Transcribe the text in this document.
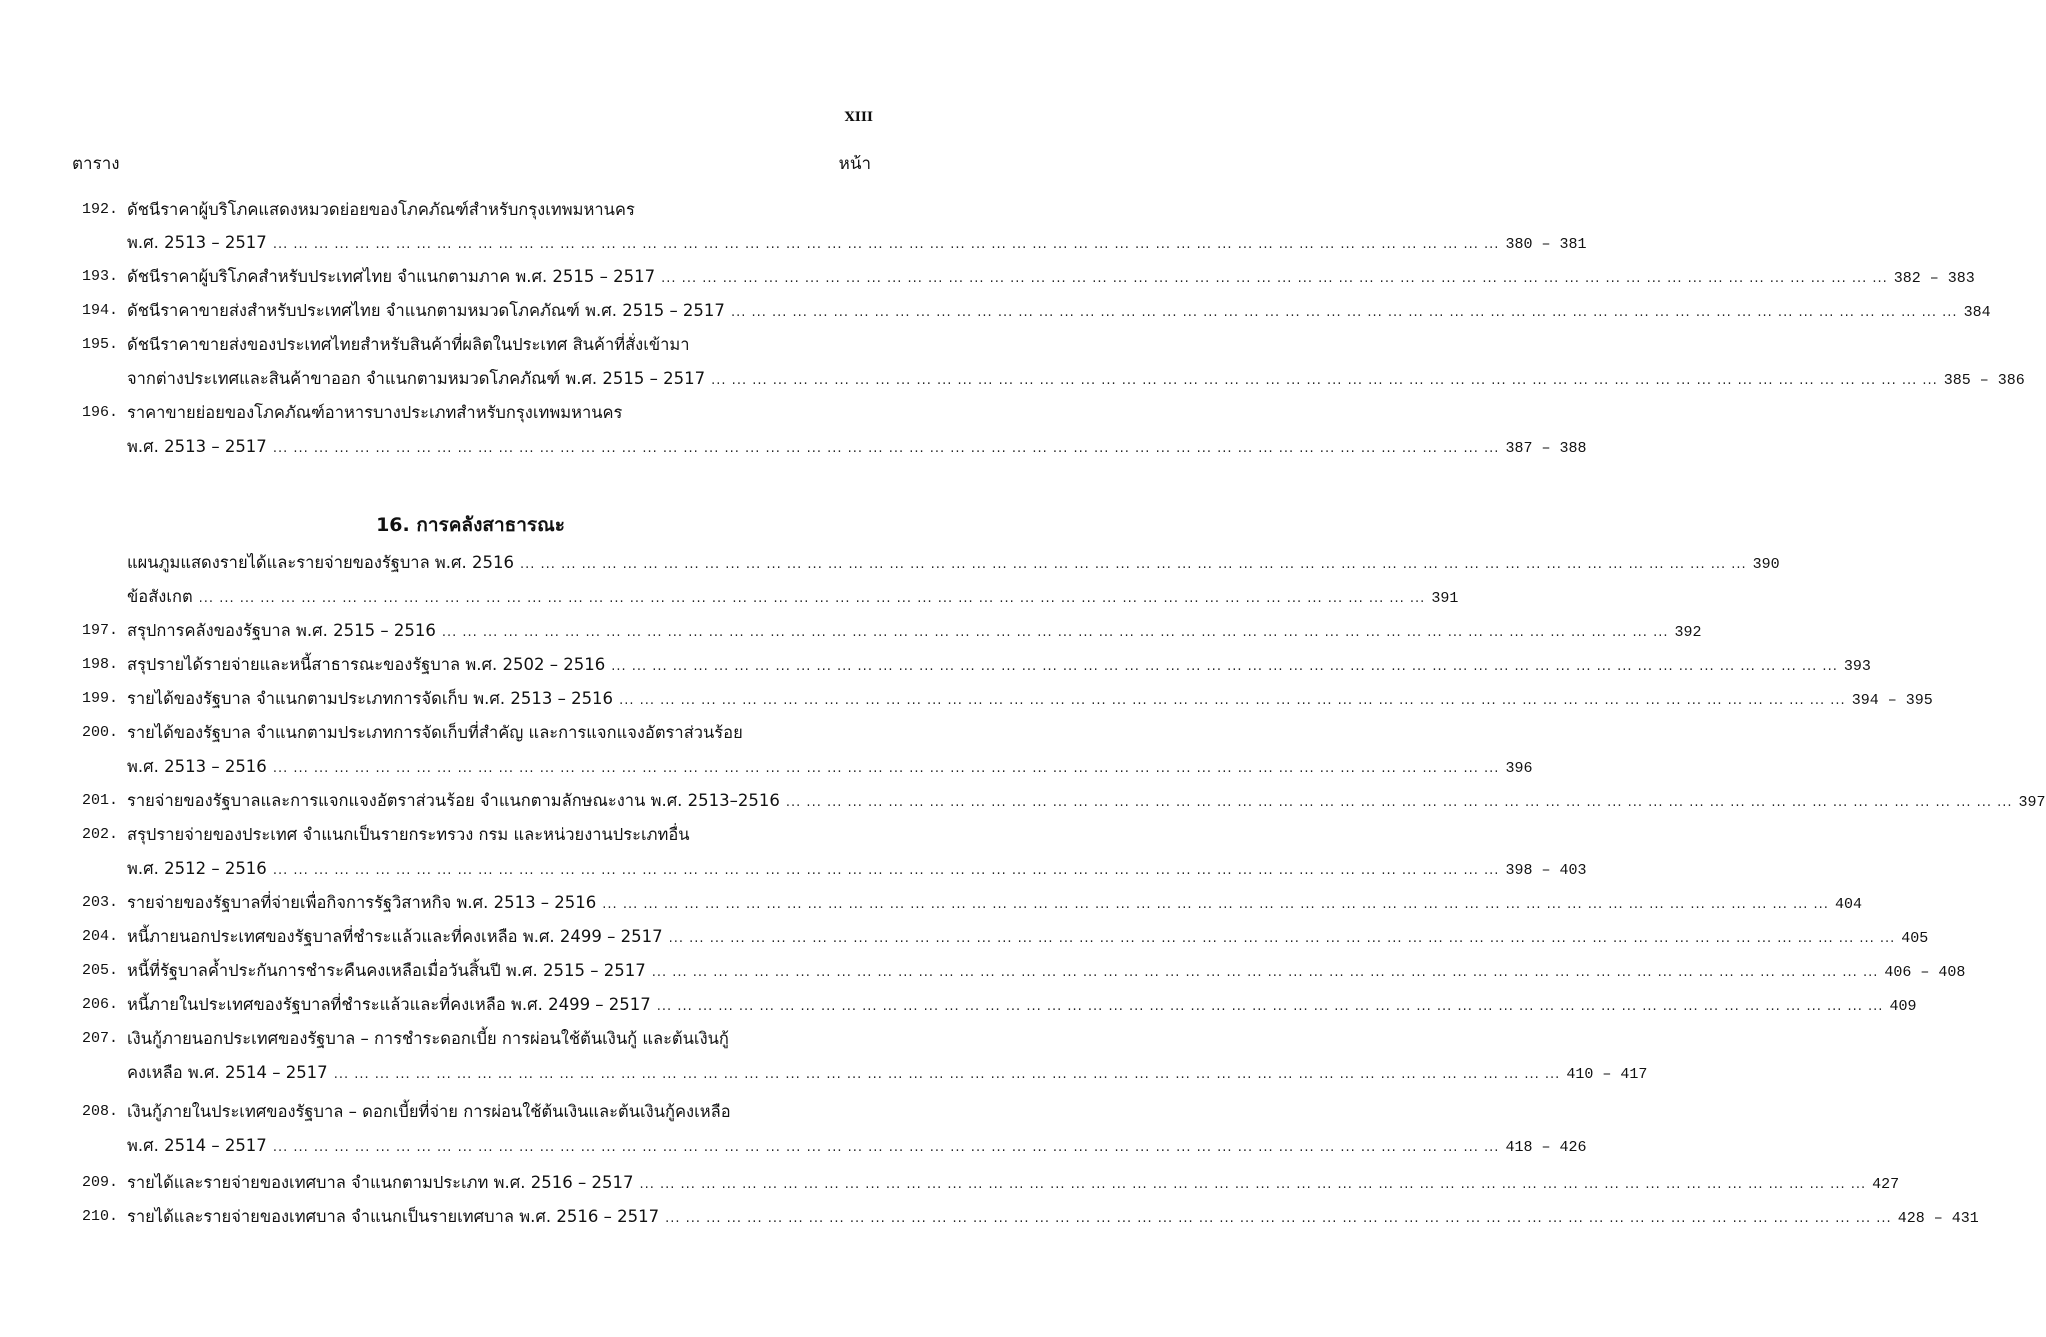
XIII
ตาราง	หน้า
16. การคลังสาธารณะ
192. ดัชนีราคาผู้บริโภคแสดงหมวดย่อยของโภคภัณฑ์สำหรับกรุงเทพมหานคร
พ.ศ. 2513 – 2517 ... ... ... ... ... ... ... ... ... ... ... ... ... ... ... ... ... ... ... ... ... ... ... ... ... ... ... ... ... ... ... ... ... ... ... ... ... ... ... ... ... ... ... ... ... ... ... ... ... ... ... ... ... ... ... ... ... ... ... ... 380 – 381
193. ดัชนีราคาผู้บริโภคสำหรับประเทศไทย จำแนกตามภาค พ.ศ. 2515 – 2517 ... ... ... ... ... ... ... ... ... ... ... ... ... ... ... ... ... ... ... ... ... ... ... ... ... ... ... ... ... ... ... ... ... ... ... ... ... ... ... ... ... ... ... ... ... ... ... ... ... ... ... ... ... ... ... ... ... ... ... ... 382 – 383
194. ดัชนีราคาขายส่งสำหรับประเทศไทย จำแนกตามหมวดโภคภัณฑ์ พ.ศ. 2515 – 2517 ... ... ... ... ... ... ... ... ... ... ... ... ... ... ... ... ... ... ... ... ... ... ... ... ... ... ... ... ... ... ... ... ... ... ... ... ... ... ... ... ... ... ... ... ... ... ... ... ... ... ... ... ... ... ... ... ... ... ... ... 384
195. ดัชนีราคาขายส่งของประเทศไทยสำหรับสินค้าที่ผลิตในประเทศ สินค้าที่สั่งเข้ามา
จากต่างประเทศและสินค้าขาออก จำแนกตามหมวดโภคภัณฑ์ พ.ศ. 2515 – 2517 ... ... ... ... ... ... ... ... ... ... ... ... ... ... ... ... ... ... ... ... ... ... ... ... ... ... ... ... ... ... ... ... ... ... ... ... ... ... ... ... ... ... ... ... ... ... ... ... ... ... ... ... ... ... ... ... ... ... ... ... 385 – 386
196. ราคาขายย่อยของโภคภัณฑ์อาหารบางประเภทสำหรับกรุงเทพมหานคร
พ.ศ. 2513 – 2517 ... ... ... ... ... ... ... ... ... ... ... ... ... ... ... ... ... ... ... ... ... ... ... ... ... ... ... ... ... ... ... ... ... ... ... ... ... ... ... ... ... ... ... ... ... ... ... ... ... ... ... ... ... ... ... ... ... ... ... ... 387 – 388
แผนภูมแสดงรายได้และรายจ่ายของรัฐบาล พ.ศ. 2516 ... ... ... ... ... ... ... ... ... ... ... ... ... ... ... ... ... ... ... ... ... ... ... ... ... ... ... ... ... ... ... ... ... ... ... ... ... ... ... ... ... ... ... ... ... ... ... ... ... ... ... ... ... ... ... ... ... ... ... ... 390
ข้อสังเกต ... ... ... ... ... ... ... ... ... ... ... ... ... ... ... ... ... ... ... ... ... ... ... ... ... ... ... ... ... ... ... ... ... ... ... ... ... ... ... ... ... ... ... ... ... ... ... ... ... ... ... ... ... ... ... ... ... ... ... ... 391
197. สรุปการคลังของรัฐบาล พ.ศ. 2515 – 2516 ... ... ... ... ... ... ... ... ... ... ... ... ... ... ... ... ... ... ... ... ... ... ... ... ... ... ... ... ... ... ... ... ... ... ... ... ... ... ... ... ... ... ... ... ... ... ... ... ... ... ... ... ... ... ... ... ... ... ... ... 392
198. สรุปรายได้รายจ่ายและหนี้สาธารณะของรัฐบาล พ.ศ. 2502 – 2516 ... ... ... ... ... ... ... ... ... ... ... ... ... ... ... ... ... ... ... ... ... ... ... ... ... ... ... ... ... ... ... ... ... ... ... ... ... ... ... ... ... ... ... ... ... ... ... ... ... ... ... ... ... ... ... ... ... ... ... ... 393
199. รายได้ของรัฐบาล จำแนกตามประเภทการจัดเก็บ พ.ศ. 2513 – 2516 ... ... ... ... ... ... ... ... ... ... ... ... ... ... ... ... ... ... ... ... ... ... ... ... ... ... ... ... ... ... ... ... ... ... ... ... ... ... ... ... ... ... ... ... ... ... ... ... ... ... ... ... ... ... ... ... ... ... ... ... 394 – 395
200. รายได้ของรัฐบาล จำแนกตามประเภทการจัดเก็บที่สำคัญ และการแจกแจงอัตราส่วนร้อย
พ.ศ. 2513 – 2516 ... ... ... ... ... ... ... ... ... ... ... ... ... ... ... ... ... ... ... ... ... ... ... ... ... ... ... ... ... ... ... ... ... ... ... ... ... ... ... ... ... ... ... ... ... ... ... ... ... ... ... ... ... ... ... ... ... ... ... ... 396
201. รายจ่ายของรัฐบาลและการแจกแจงอัตราส่วนร้อย จำแนกตามลักษณะงาน พ.ศ. 2513–2516 ... ... ... ... ... ... ... ... ... ... ... ... ... ... ... ... ... ... ... ... ... ... ... ... ... ... ... ... ... ... ... ... ... ... ... ... ... ... ... ... ... ... ... ... ... ... ... ... ... ... ... ... ... ... ... ... ... ... ... ... 397
202. สรุปรายจ่ายของประเทศ จำแนกเป็นรายกระทรวง กรม และหน่วยงานประเภทอื่น
พ.ศ. 2512 – 2516 ... ... ... ... ... ... ... ... ... ... ... ... ... ... ... ... ... ... ... ... ... ... ... ... ... ... ... ... ... ... ... ... ... ... ... ... ... ... ... ... ... ... ... ... ... ... ... ... ... ... ... ... ... ... ... ... ... ... ... ... 398 – 403
203. รายจ่ายของรัฐบาลที่จ่ายเพื่อกิจการรัฐวิสาหกิจ พ.ศ. 2513 – 2516 ... ... ... ... ... ... ... ... ... ... ... ... ... ... ... ... ... ... ... ... ... ... ... ... ... ... ... ... ... ... ... ... ... ... ... ... ... ... ... ... ... ... ... ... ... ... ... ... ... ... ... ... ... ... ... ... ... ... ... ... 404
204. หนี้ภายนอกประเทศของรัฐบาลที่ชำระแล้วและที่คงเหลือ พ.ศ. 2499 – 2517 ... ... ... ... ... ... ... ... ... ... ... ... ... ... ... ... ... ... ... ... ... ... ... ... ... ... ... ... ... ... ... ... ... ... ... ... ... ... ... ... ... ... ... ... ... ... ... ... ... ... ... ... ... ... ... ... ... ... ... ... 405
205. หนี้ที่รัฐบาลค้ำประกันการชำระคืนคงเหลือเมื่อวันสิ้นปี พ.ศ. 2515 – 2517 ... ... ... ... ... ... ... ... ... ... ... ... ... ... ... ... ... ... ... ... ... ... ... ... ... ... ... ... ... ... ... ... ... ... ... ... ... ... ... ... ... ... ... ... ... ... ... ... ... ... ... ... ... ... ... ... ... ... ... ... 406 – 408
206. หนี้ภายในประเทศของรัฐบาลที่ชำระแล้วและที่คงเหลือ พ.ศ. 2499 – 2517 ... ... ... ... ... ... ... ... ... ... ... ... ... ... ... ... ... ... ... ... ... ... ... ... ... ... ... ... ... ... ... ... ... ... ... ... ... ... ... ... ... ... ... ... ... ... ... ... ... ... ... ... ... ... ... ... ... ... ... ... 409
207. เงินกู้ภายนอกประเทศของรัฐบาล – การชำระดอกเบี้ย การผ่อนใช้ต้นเงินกู้ และต้นเงินกู้
คงเหลือ พ.ศ. 2514 – 2517 ... ... ... ... ... ... ... ... ... ... ... ... ... ... ... ... ... ... ... ... ... ... ... ... ... ... ... ... ... ... ... ... ... ... ... ... ... ... ... ... ... ... ... ... ... ... ... ... ... ... ... ... ... ... ... ... ... ... ... ... 410 – 417
208. เงินกู้ภายในประเทศของรัฐบาล – ดอกเบี้ยที่จ่าย การผ่อนใช้ต้นเงินและต้นเงินกู้คงเหลือ
พ.ศ. 2514 – 2517 ... ... ... ... ... ... ... ... ... ... ... ... ... ... ... ... ... ... ... ... ... ... ... ... ... ... ... ... ... ... ... ... ... ... ... ... ... ... ... ... ... ... ... ... ... ... ... ... ... ... ... ... ... ... ... ... ... ... ... ... 418 – 426
209. รายได้และรายจ่ายของเทศบาล จำแนกตามประเภท พ.ศ. 2516 – 2517 ... ... ... ... ... ... ... ... ... ... ... ... ... ... ... ... ... ... ... ... ... ... ... ... ... ... ... ... ... ... ... ... ... ... ... ... ... ... ... ... ... ... ... ... ... ... ... ... ... ... ... ... ... ... ... ... ... ... ... ... 427
210. รายได้และรายจ่ายของเทศบาล จำแนกเป็นรายเทศบาล พ.ศ. 2516 – 2517 ... ... ... ... ... ... ... ... ... ... ... ... ... ... ... ... ... ... ... ... ... ... ... ... ... ... ... ... ... ... ... ... ... ... ... ... ... ... ... ... ... ... ... ... ... ... ... ... ... ... ... ... ... ... ... ... ... ... ... ... 428 – 431
